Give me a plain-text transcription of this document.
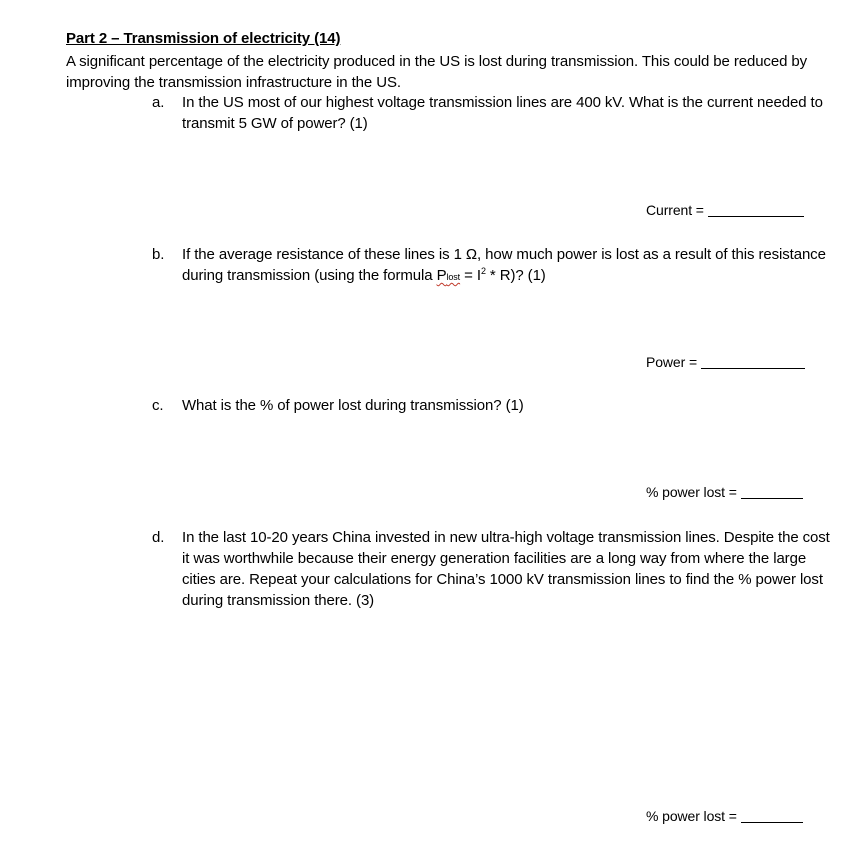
Part 2 – Transmission of electricity (14)
A significant percentage of the electricity produced in the US is lost during transmission. This could be reduced by improving the transmission infrastructure in the US.
a.	In the US most of our highest voltage transmission lines are 400 kV. What is the current needed to transmit 5 GW of power? (1)
Current =
b.	If the average resistance of these lines is 1 Ω, how much power is lost as a result of this resistance during transmission (using the formula Plost = $I^2 * R$)? (1)
Power =
c.	What is the % of power lost during transmission? (1)
% power lost =
d.	In the last 10-20 years China invested in new ultra-high voltage transmission lines. Despite the cost it was worthwhile because their energy generation facilities are a long way from where the large cities are. Repeat your calculations for China’s 1000 kV transmission lines to find the % power lost during transmission there. (3)
% power lost =
